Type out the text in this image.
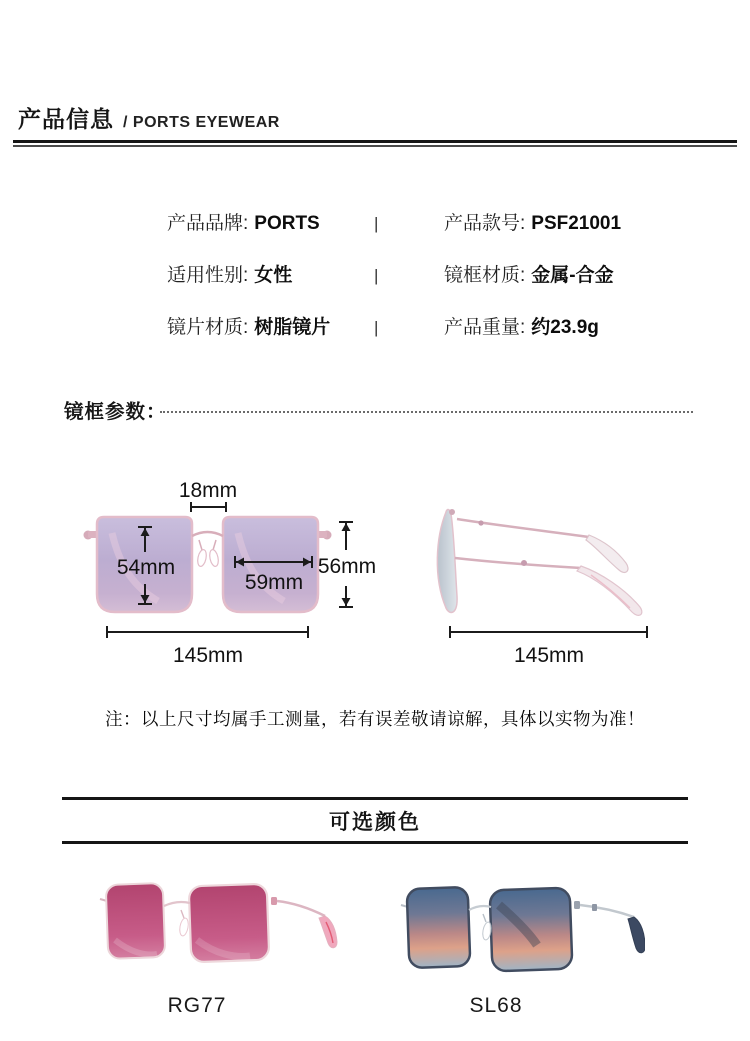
产品信息 / PORTS EYEWEAR
产品品牌: PORTS	|	产品款号: PSF21001
适用性别: 女性	|	镜框材质: 金属-合金
镜片材质: 树脂镜片	|	产品重量: 约23.9g
镜框参数：
18mm
54mm
59mm
56mm
145mm	145mm
注：以上尺寸均属手工测量，若有误差敬请谅解，具体以实物为准！
可选颜色
RG77	SL68
